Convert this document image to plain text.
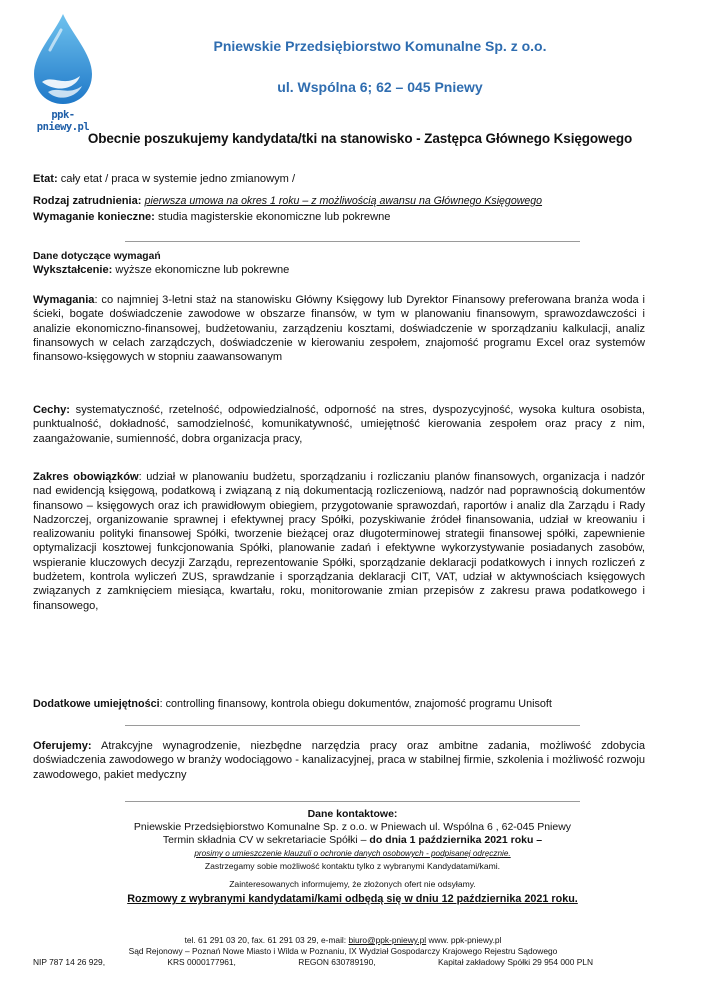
ppk-pniewy.pl
Pniewskie Przedsiębiorstwo Komunalne Sp. z o.o.
ul. Wspólna 6; 62 – 045 Pniewy
Obecnie poszukujemy kandydata/tki na stanowisko - Zastępca Głównego Księgowego
Etat: cały etat / praca w systemie jedno zmianowym /
Rodzaj zatrudnienia: pierwsza umowa na okres 1 roku – z możliwością awansu na Głównego Księgowego
Wymaganie konieczne: studia magisterskie ekonomiczne lub pokrewne
Dane dotyczące wymagań
Wykształcenie: wyższe ekonomiczne lub pokrewne
Wymagania: co najmniej 3-letni staż na stanowisku Główny Księgowy lub Dyrektor Finansowy preferowana branża woda i ścieki, bogate doświadczenie zawodowe w obszarze finansów, w tym w planowaniu finansowym, sprawozdawczości i analizie ekonomiczno-finansowej, budżetowaniu, zarządzeniu kosztami, doświadczenie w sporządzaniu kalkulacji, analiz finansowych w celach zarządczych, doświadczenie w kierowaniu zespołem, znajomość programu Excel oraz systemów finansowo-księgowych w stopniu zaawansowanym
Cechy: systematyczność, rzetelność, odpowiedzialność, odporność na stres, dyspozycyjność, wysoka kultura osobista, punktualność, dokładność, samodzielność, komunikatywność, umiejętność kierowania zespołem oraz pracy z nim, zaangażowanie, sumienność, dobra organizacja pracy,
Zakres obowiązków: udział w planowaniu budżetu, sporządzaniu i rozliczaniu planów finansowych, organizacja i nadzór nad ewidencją księgową, podatkową i związaną z nią dokumentacją rozliczeniową, nadzór nad poprawnością dokumentów finansowo – księgowych oraz ich prawidłowym obiegiem, przygotowanie sprawozdań, raportów i analiz dla Zarządu i Rady Nadzorczej, organizowanie sprawnej i efektywnej pracy Spółki, pozyskiwanie źródeł finansowania, udział w kreowaniu i realizowaniu polityki finansowej Spółki, tworzenie bieżącej oraz długoterminowej strategii finansowej spółki, zapewnienie optymalizacji kosztowej funkcjonowania Spółki, planowanie zadań i efektywne wykorzystywanie posiadanych zasobów, wspieranie kluczowych decyzji Zarządu, reprezentowanie Spółki, sporządzanie deklaracji podatkowych i innych rozliczeń z budżetem, kontrola wyliczeń ZUS, sprawdzanie i sporządzania deklaracji CIT, VAT, udział w aktywnościach księgowych związanych z zamknięciem miesiąca, kwartału, roku, monitorowanie zmian przepisów z zakresu prawa podatkowego i finansowego,
Dodatkowe umiejętności: controlling finansowy, kontrola obiegu dokumentów, znajomość programu Unisoft
Oferujemy: Atrakcyjne wynagrodzenie, niezbędne narzędzia pracy oraz ambitne zadania, możliwość zdobycia doświadczenia zawodowego w branży wodociągowo - kanalizacyjnej, praca w stabilnej firmie, szkolenia i możliwość rozwoju zawodowego, pakiet medyczny
Dane kontaktowe:
Pniewskie Przedsiębiorstwo Komunalne Sp. z o.o. w Pniewach ul. Wspólna 6 , 62-045 Pniewy
Termin składnia CV w sekretariacie Spółki – do dnia 1 października 2021 roku –
prosimy o umieszczenie klauzuli o ochronie danych osobowych - podpisanej odręcznie.
Zastrzegamy sobie możliwość kontaktu tylko z wybranymi Kandydatami/kami.
Zainteresowanych informujemy, że złożonych ofert nie odsyłamy.
Rozmowy z wybranymi kandydatami/kami odbędą się w dniu 12 października 2021 roku.
tel. 61 291 03 20, fax. 61 291 03 29, e-mail: biuro@ppk-pniewy.pl www. ppk-pniewy.pl
Sąd Rejonowy – Poznań Nowe Miasto i Wilda w Poznaniu, IX Wydział Gospodarczy Krajowego Rejestru Sądowego
NIP 787 14 26 929,	KRS 0000177961,	REGON 630789190,	Kapitał zakładowy Spółki 29 954 000 PLN
